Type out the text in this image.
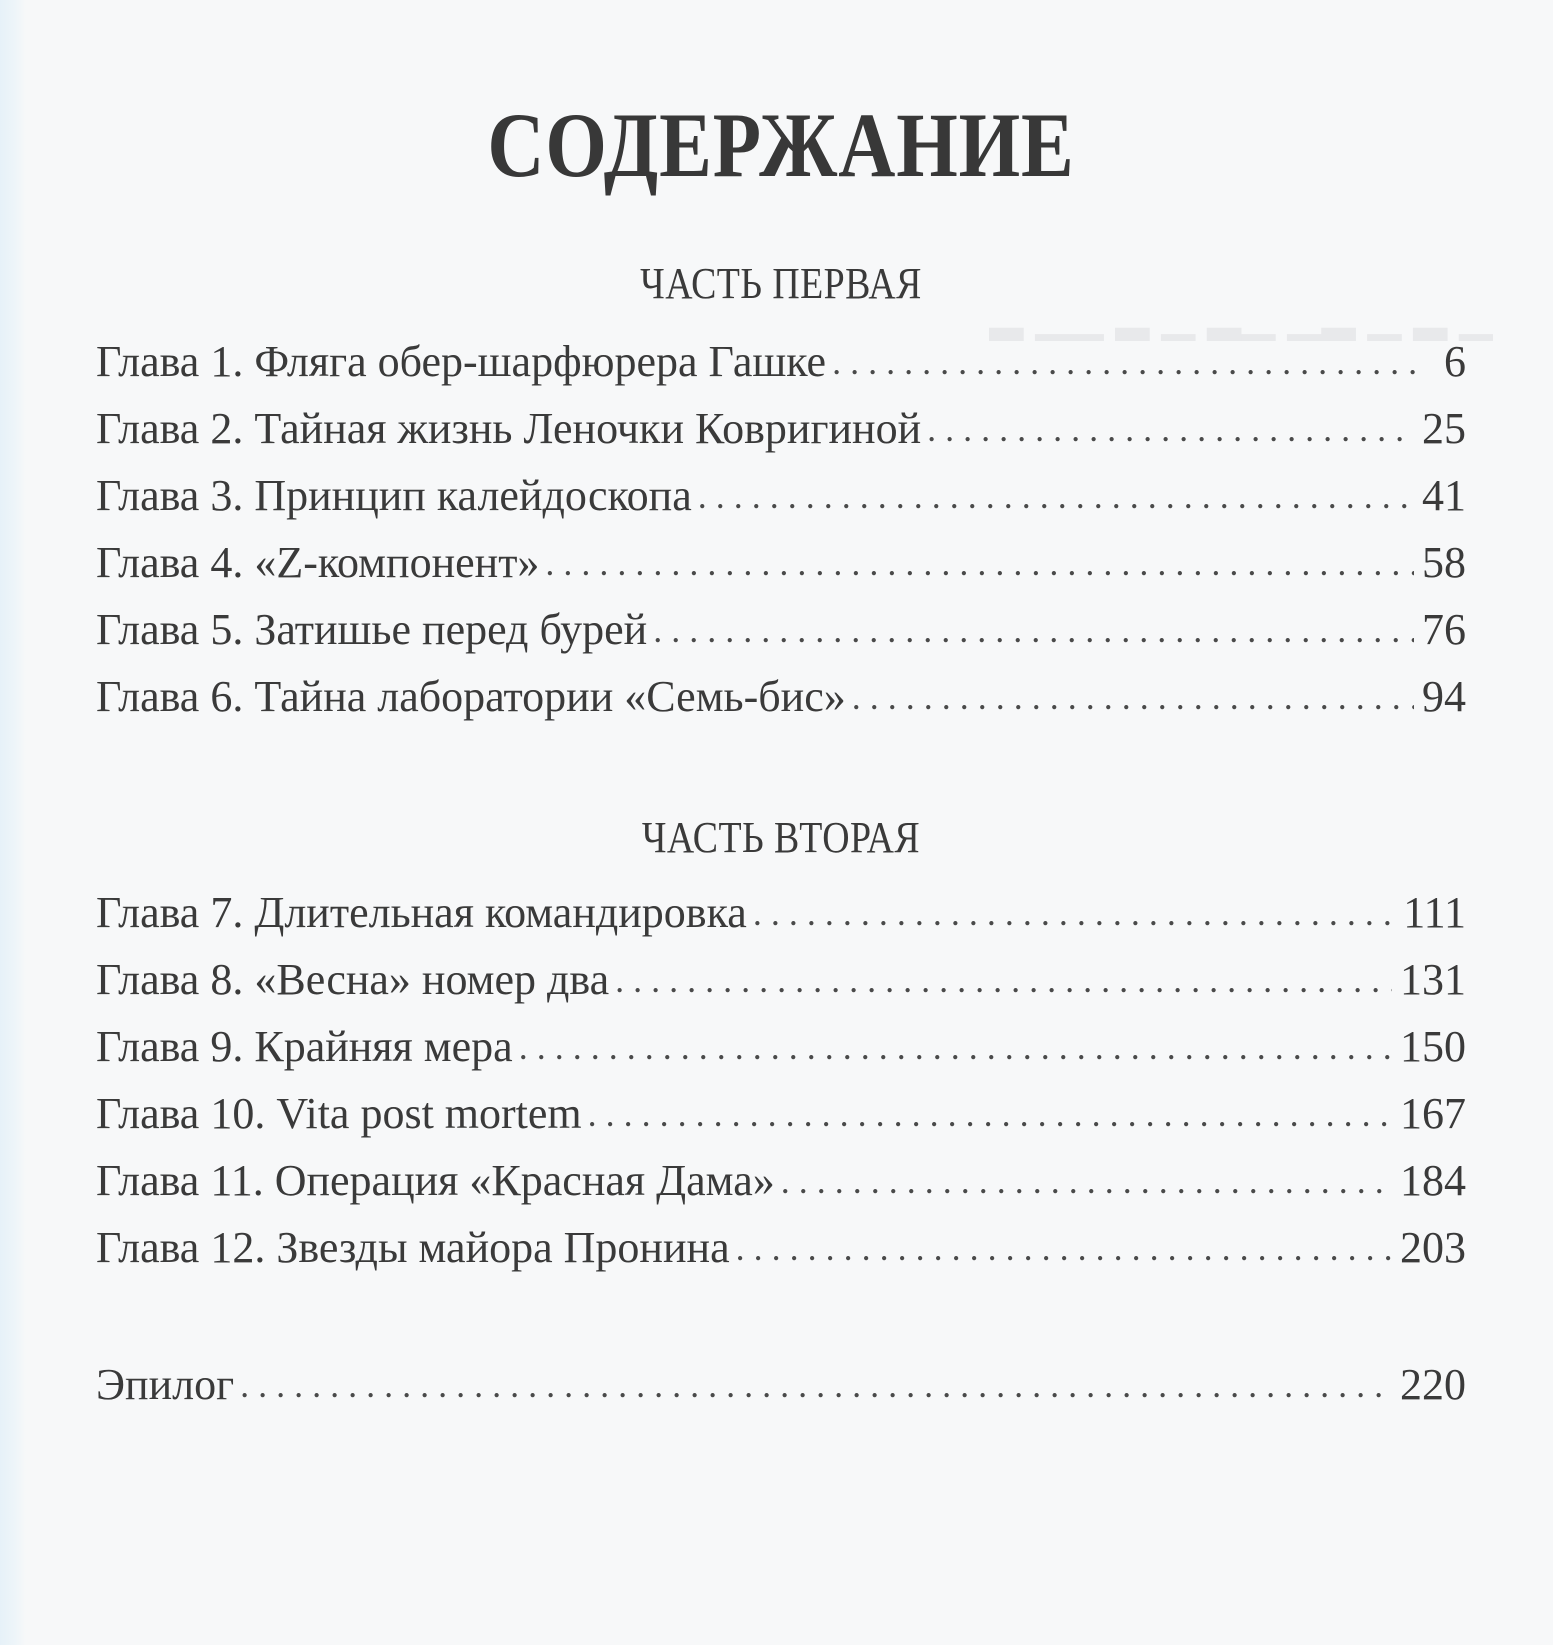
▁ ▂ ▁ ▂▁ ▁▂ ▁ ▂ ▁▁ ▂
СОДЕРЖАНИЕ
ЧАСТЬ ПЕРВАЯ
Глава 1. Фляга обер-шарфюрера Гашке .....	6
Глава 2. Тайная жизнь Леночки Ковригиной .....	25
Глава 3. Принцип калейдоскопа .....	41
Глава 4. «Z-компонент» .....	58
Глава 5. Затишье перед бурей .....	76
Глава 6. Тайна лаборатории «Семь-бис» .....	94
ЧАСТЬ ВТОРАЯ
Глава 7. Длительная командировка .....	111
Глава 8. «Весна» номер два .....	131
Глава 9. Крайняя мера .....	150
Глава 10. Vita post mortem .....	167
Глава 11. Операция «Красная Дама» .....	184
Глава 12. Звезды майора Пронина .....	203
Эпилог .....	220
